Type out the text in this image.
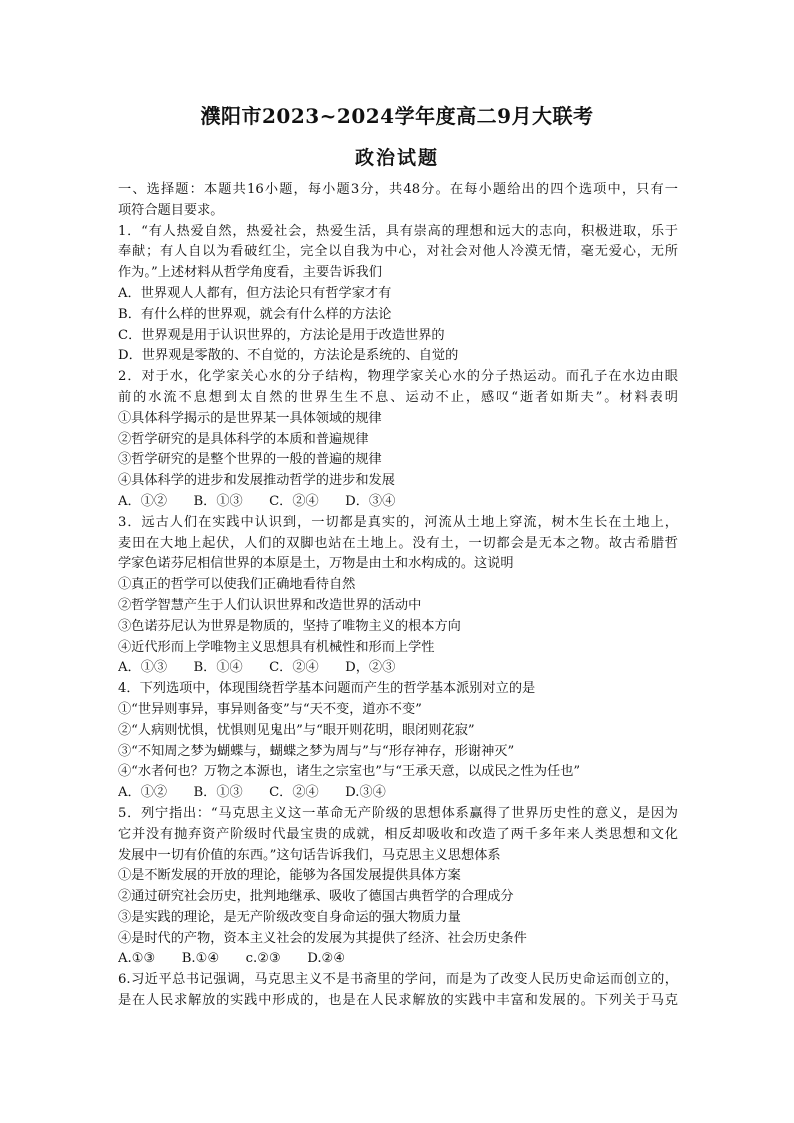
濮阳市2023~2024学年度高二9月大联考
政治试题
一、选择题：本题共16小题，每小题3分，共48分。在每小题给出的四个选项中，只有一
项符合题目要求。
1．“有人热爱自然，热爱社会，热爱生活，具有崇高的理想和远大的志向，积极进取，乐于
奉献；有人自以为看破红尘，完全以自我为中心，对社会对他人冷漠无情，毫无爱心，无所
作为。”上述材料从哲学角度看，主要告诉我们
A．世界观人人都有，但方法论只有哲学家才有
B．有什么样的世界观，就会有什么样的方法论
C．世界观是用于认识世界的，方法论是用于改造世界的
D．世界观是零散的、不自觉的，方法论是系统的、自觉的
2．对于水，化学家关心水的分子结构，物理学家关心水的分子热运动。而孔子在水边由眼
前的水流不息想到太自然的世界生生不息、运动不止，感叹“逝者如斯夫”。材料表明
①具体科学揭示的是世界某一具体领域的规律
②哲学研究的是具体科学的本质和普遍规律
③哲学研究的是整个世界的一般的普遍的规律
④具体科学的进步和发展推动哲学的进步和发展
A．①②　　B．①③　　C．②④　　D．③④
3．远古人们在实践中认识到，一切都是真实的，河流从土地上穿流，树木生长在土地上，
麦田在大地上起伏，人们的双脚也站在土地上。没有土，一切都会是无本之物。故古希腊哲
学家色诺芬尼相信世界的本原是土，万物是由土和水构成的。这说明
①真正的哲学可以使我们正确地看待自然
②哲学智慧产生于人们认识世界和改造世界的活动中
③色诺芬尼认为世界是物质的，坚持了唯物主义的根本方向
④近代形而上学唯物主义思想具有机械性和形而上学性
A．①③　　B．①④　　C．②④　　D，②③
4．下列选项中，体现围绕哲学基本问题而产生的哲学基本派别对立的是
①“世异则事异，事异则备变”与“天不变，道亦不变”
②“人病则忧惧，忧惧则见鬼出”与“眼开则花明，眼闭则花寂”
③“不知周之梦为蝴蝶与，蝴蝶之梦为周与”与“形存神存，形谢神灭”
④“水者何也？万物之本源也，诸生之宗室也”与“王承天意，以成民之性为任也”
A．①②　　B．①③　　C．②④　　D.③④
5．列宁指出：“马克思主义这一革命无产阶级的思想体系赢得了世界历史性的意义，是因为
它并没有抛弃资产阶级时代最宝贵的成就，相反却吸收和改造了两千多年来人类思想和文化
发展中一切有价值的东西。”这句话告诉我们，马克思主义思想体系
①是不断发展的开放的理论，能够为各国发展提供具体方案
②通过研究社会历史，批判地继承、吸收了德国古典哲学的合理成分
③是实践的理论，是无产阶级改变自身命运的强大物质力量
④是时代的产物，资本主义社会的发展为其提供了经济、社会历史条件
A.①③　　B.①④　　c.②③　　D.②④
6.习近平总书记强调，马克思主义不是书斋里的学问，而是为了改变人民历史命运而创立的，
是在人民求解放的实践中形成的，也是在人民求解放的实践中丰富和发展的。下列关于马克
